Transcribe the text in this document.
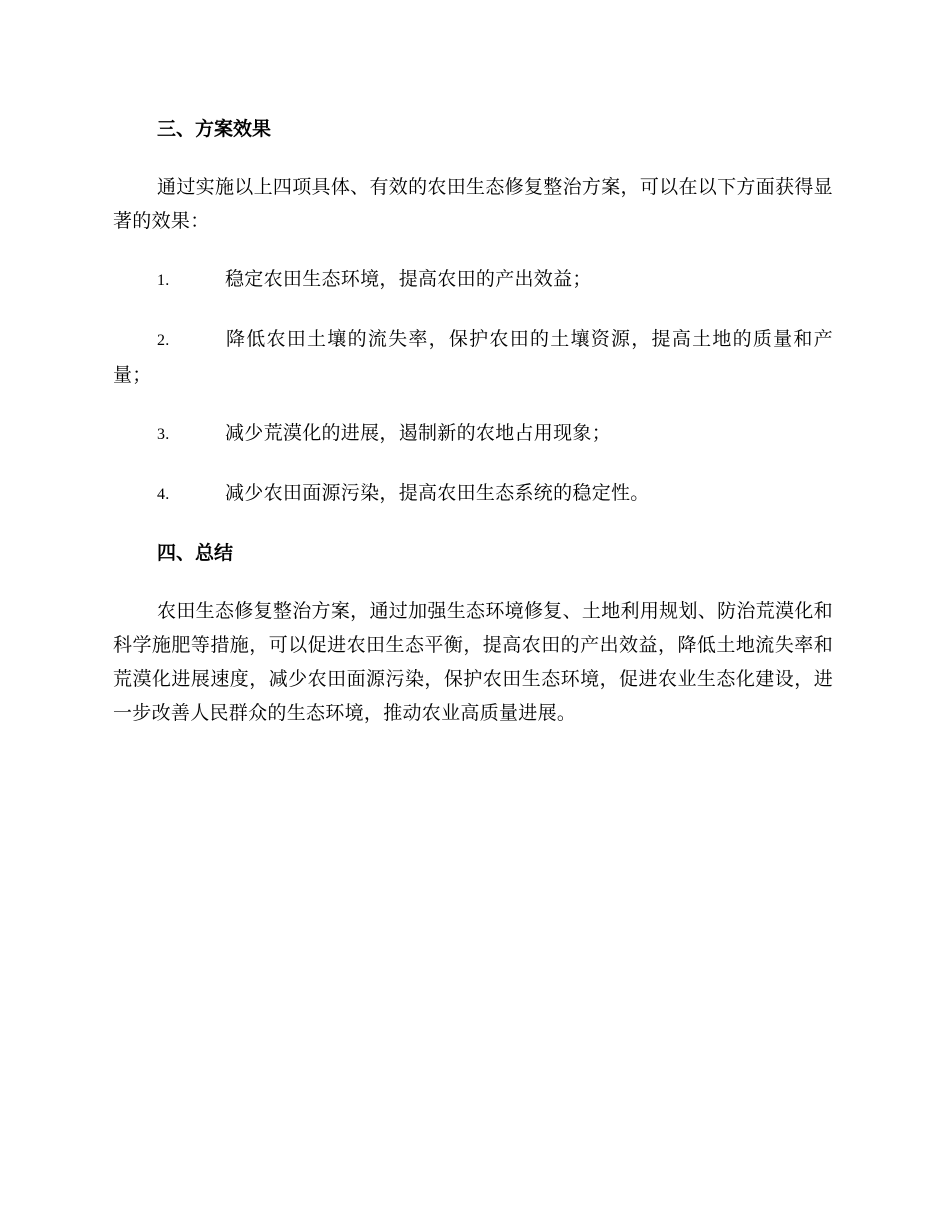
三、方案效果

通过实施以上四项具体、有效的农田生态修复整治方案，可以在以下方面获得显著的效果：

1.	稳定农田生态环境，提高农田的产出效益；

2.	降低农田土壤的流失率，保护农田的土壤资源，提高土地的质量和产量；

3.	减少荒漠化的进展，遏制新的农地占用现象；

4.	减少农田面源污染，提高农田生态系统的稳定性。

四、总结

农田生态修复整治方案，通过加强生态环境修复、土地利用规划、防治荒漠化和科学施肥等措施，可以促进农田生态平衡，提高农田的产出效益，降低土地流失率和荒漠化进展速度，减少农田面源污染，保护农田生态环境，促进农业生态化建设，进一步改善人民群众的生态环境，推动农业高质量进展。
